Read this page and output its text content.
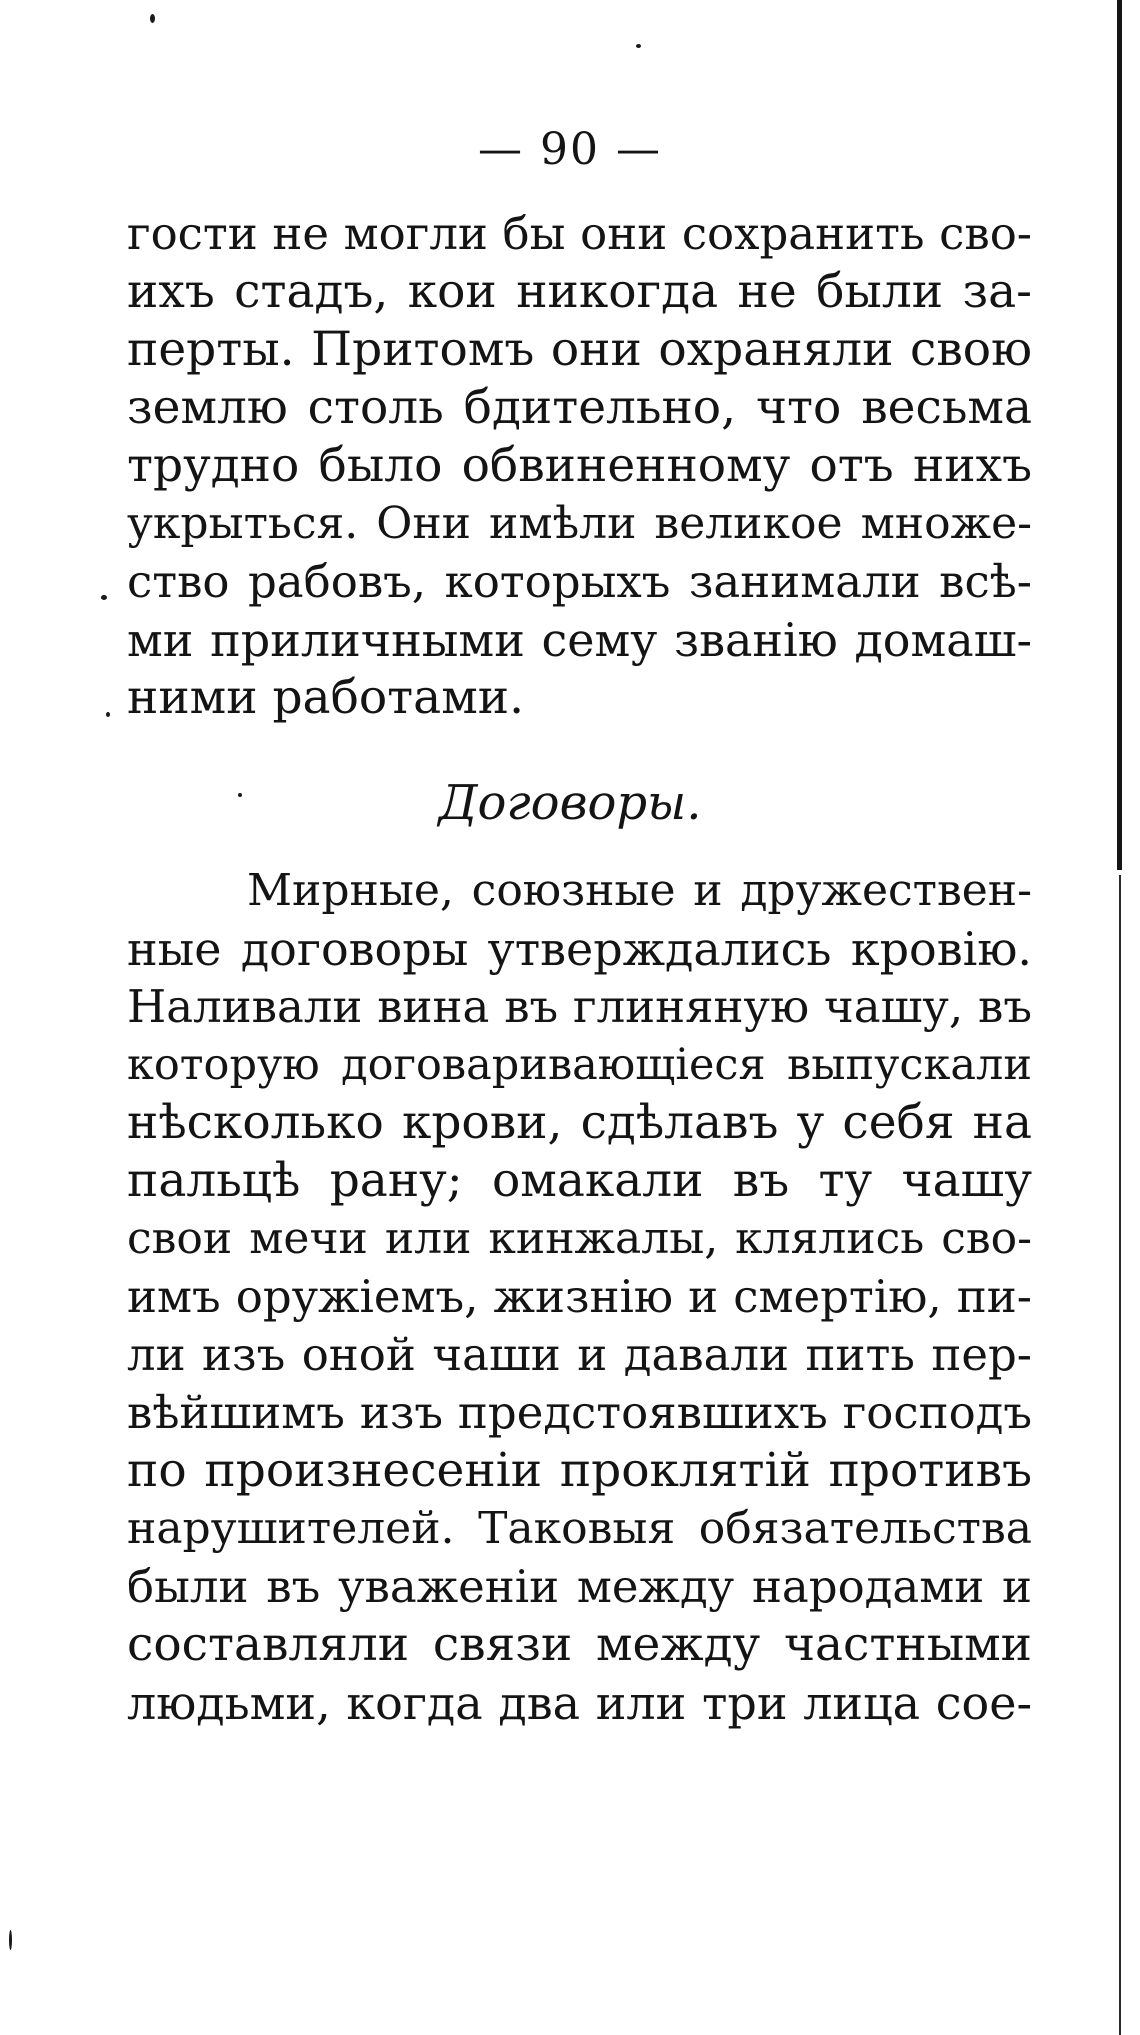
— 90 —
гости не могли бы они сохранить сво-
ихъ стадъ, кои никогда не были за-
перты. Притомъ они охраняли свою
землю столь бдительно, что весьма
трудно было обвиненному отъ нихъ
укрыться. Они имѣли великое множе-
ство рабовъ, которыхъ занимали всѣ-
ми приличными сему званiю домаш-
ними работами.
Договоры.
Мирные, союзные и дружествен-
ные договоры утверждались кровiю.
Наливали вина въ глиняную чашу, въ
которую договаривающiеся выпускали
нѣсколько крови, сдѣлавъ у себя на
пальцѣ рану; омакали въ ту чашу
свои мечи или кинжалы, клялись сво-
имъ оружiемъ, жизнiю и смертiю, пи-
ли изъ оной чаши и давали пить пер-
вѣйшимъ изъ предстоявшихъ господъ
по произнесенiи проклятiй противъ
нарушителей. Таковыя обязательства
были въ уваженiи между народами и
составляли связи между частными
людьми, когда два или три лица сое-
